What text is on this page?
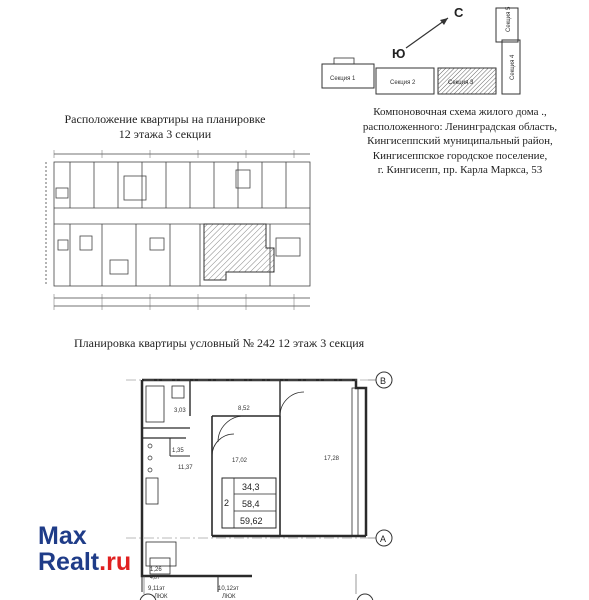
С
Ю
Секция 1
Секция 2	Секция 3
Секция 4
Секция 5
Расположение квартиры на планировке
12 этажа 3 секции
Компоновочная схема жилого дома .,
расположенного: Ленинградская область,
Кингисеппский муниципальный район,
Кингисеппское городское поселение,
г. Кингисепп, пр. Карла Маркса, 53
Планировка квартиры условный № 242 12 этаж 3 секция
В
А
3,03
1,35
8,52
11,37
17,02	17,28
1,26
4,87
2
34,3
58,4
59,62
9,11эт	10,12эт
ЛЮК	ЛЮК
Max
Realt.ru
